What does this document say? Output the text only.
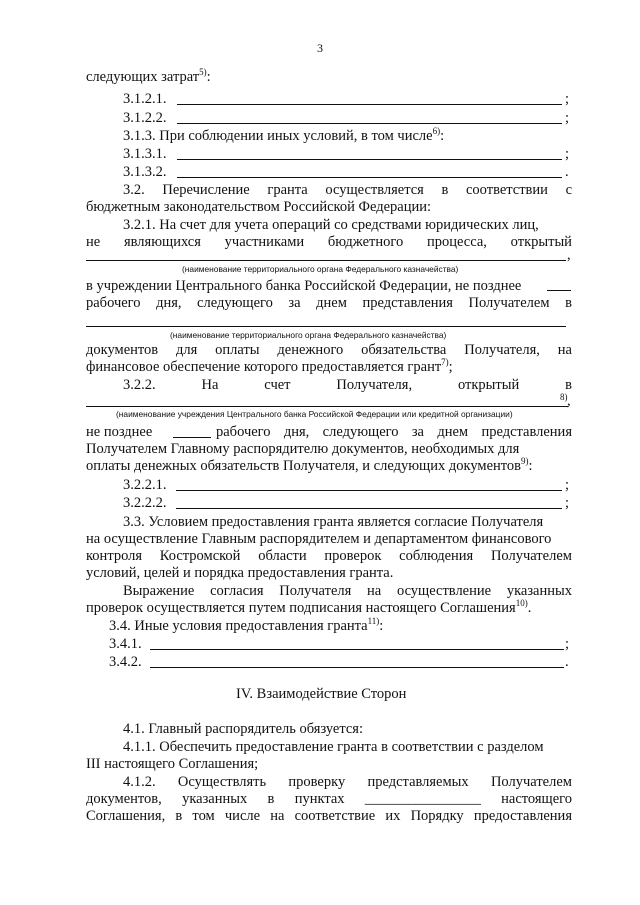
3
следующих затрат$^{5)}$:
3.1.2.1.	;
3.1.2.2.	;
3.1.3. При соблюдении иных условий, в том числе$^{6)}$:
3.1.3.1.	;
3.1.3.2.	.
3.2. Перечисление гранта осуществляется в соответствии с
бюджетным законодательством Российской Федерации:
3.2.1. На счет для учета операций со средствами юридических лиц,
не являющихся участниками бюджетного процесса, открытый
,
(наименование территориального органа Федерального казначейства)
в учреждении Центрального банка Российской Федерации, не позднее
рабочего дня, следующего за днем представления Получателем в
(наименование территориального органа Федерального казначейства)
документов для оплаты денежного обязательства Получателя, на
финансовое обеспечение которого предоставляется грант$^{7)}$;
3.2.2.	На	счет	Получателя,	открытый	в
8) ,
(наименование учреждения Центрального банка Российской Федерации или кредитной организации)
не позднее	рабочего дня, следующего за днем представления
Получателем Главному распорядителю документов, необходимых для
оплаты денежных обязательств Получателя, и следующих документов$^{9)}$:
3.2.2.1.	;
3.2.2.2.	;
3.3. Условием предоставления гранта является согласие Получателя
на осуществление Главным распорядителем и департаментом финансового
контроля Костромской области проверок соблюдения Получателем
условий, целей и порядка предоставления гранта.
Выражение согласия Получателя на осуществление указанных
проверок осуществляется путем подписания настоящего Соглашения$^{10)}$.
3.4. Иные условия предоставления гранта$^{11)}$:
3.4.1.	;
3.4.2.	.
IV. Взаимодействие Сторон
4.1. Главный распорядитель обязуется:
4.1.1. Обеспечить предоставление гранта в соответствии с разделом
III настоящего Соглашения;
4.1.2. Осуществлять проверку представляемых Получателем
документов, указанных в пунктах ________________ настоящего
Соглашения, в том числе на соответствие их Порядку предоставления
